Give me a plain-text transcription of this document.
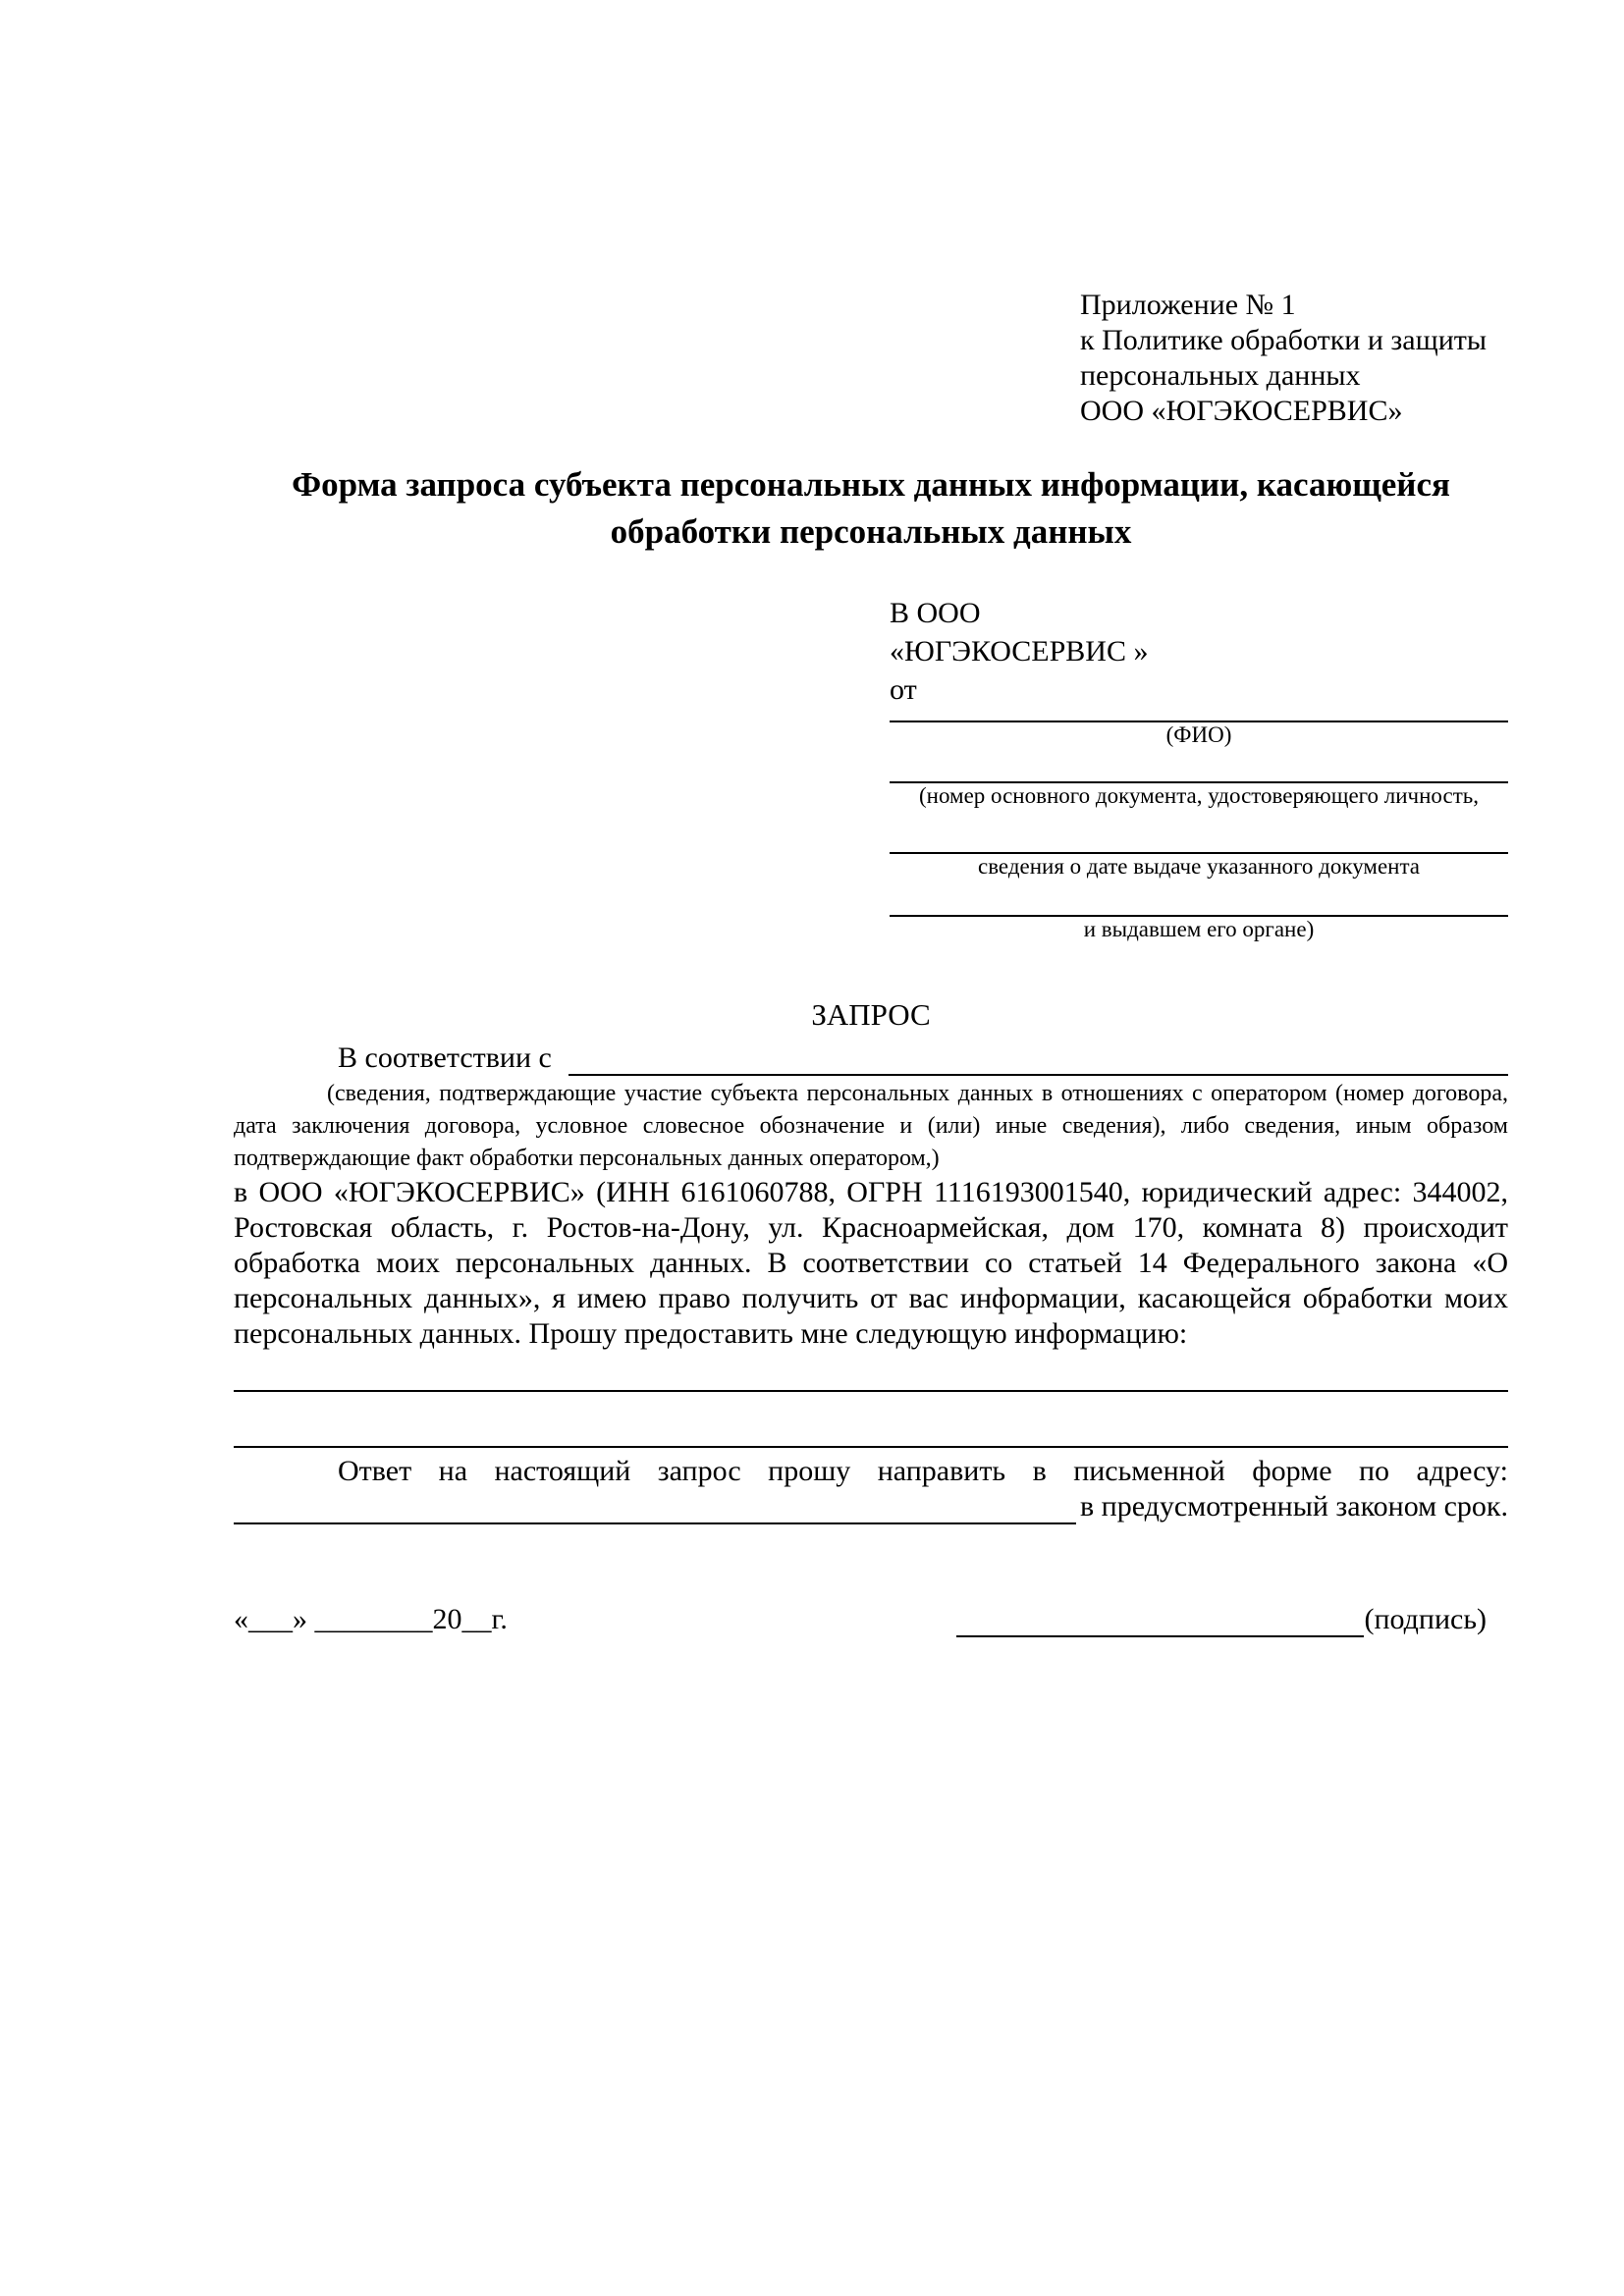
Приложение № 1
к Политике обработки и защиты
персональных данных
ООО «ЮГЭКОСЕРВИС»
Форма запроса субъекта персональных данных информации, касающейся обработки персональных данных
В ООО
«ЮГЭКОСЕРВИС »
от
(ФИО)
(номер основного документа, удостоверяющего личность,
сведения о дате выдаче указанного документа
и выдавшем его органе)
ЗАПРОС
В соответствии с
(сведения, подтверждающие участие субъекта персональных данных в отношениях с оператором (номер договора, дата заключения договора, условное словесное обозначение и (или) иные сведения), либо сведения, иным образом подтверждающие факт обработки персональных данных оператором,)
в ООО «ЮГЭКОСЕРВИС» (ИНН 6161060788, ОГРН 1116193001540, юридический адрес: 344002, Ростовская область, г. Ростов-на-Дону, ул. Красноармейская, дом 170, комната 8) происходит обработка моих персональных данных. В соответствии со статьей 14 Федерального закона «О персональных данных», я имею право получить от вас информации, касающейся обработки моих персональных данных. Прошу предоставить мне следующую информацию:
Ответ на настоящий запрос прошу направить в письменной форме по адресу:
в предусмотренный законом срок.
«___» ________20__г.	(подпись)
